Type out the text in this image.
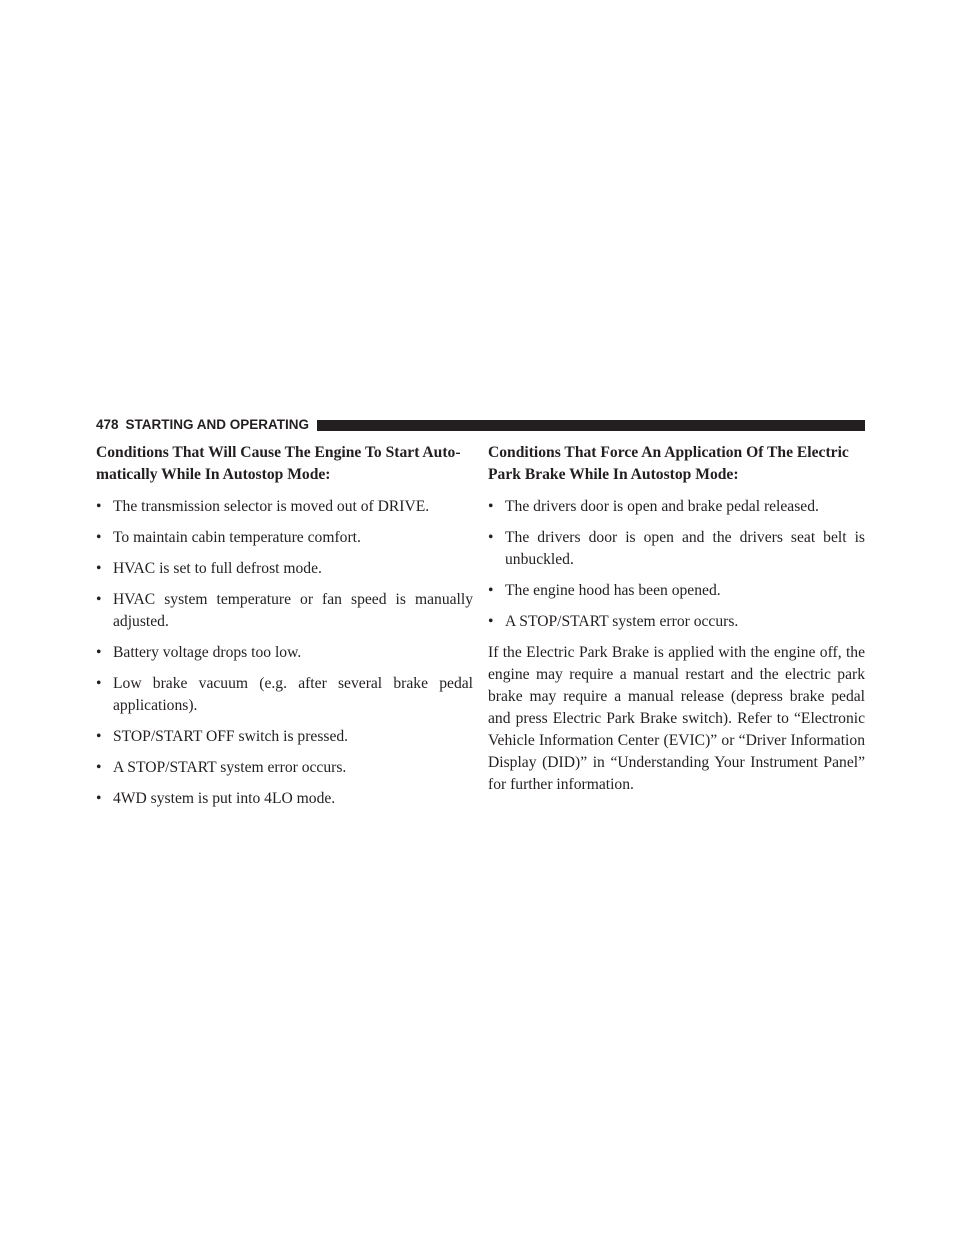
478 STARTING AND OPERATING

Conditions That Will Cause The Engine To Start Auto-matically While In Autostop Mode:

• The transmission selector is moved out of DRIVE.
• To maintain cabin temperature comfort.
• HVAC is set to full defrost mode.
• HVAC system temperature or fan speed is manually adjusted.
• Battery voltage drops too low.
• Low brake vacuum (e.g. after several brake pedal applications).
• STOP/START OFF switch is pressed.
• A STOP/START system error occurs.
• 4WD system is put into 4LO mode.

Conditions That Force An Application Of The Electric Park Brake While In Autostop Mode:

• The drivers door is open and brake pedal released.
• The drivers door is open and the drivers seat belt is unbuckled.
• The engine hood has been opened.
• A STOP/START system error occurs.

If the Electric Park Brake is applied with the engine off, the engine may require a manual restart and the electric park brake may require a manual release (depress brake pedal and press Electric Park Brake switch). Refer to “Electronic Vehicle Information Center (EVIC)” or “Driver Information Display (DID)” in “Understanding Your Instrument Panel” for further information.
